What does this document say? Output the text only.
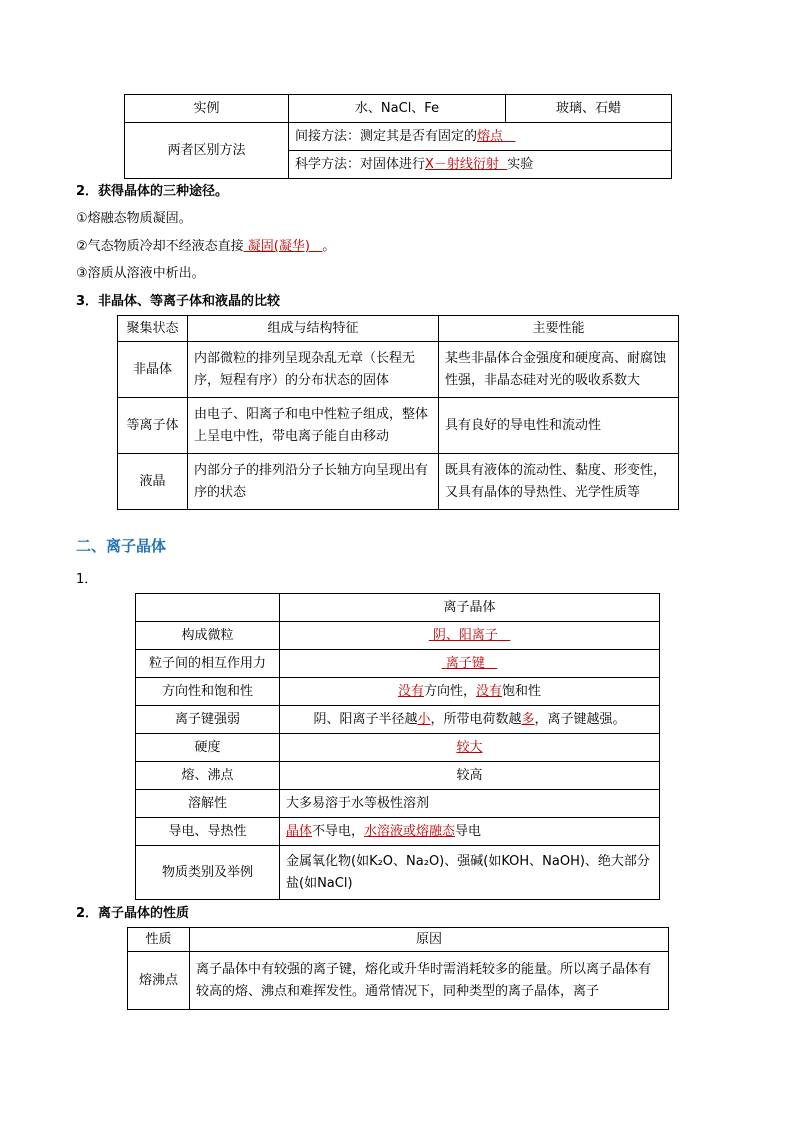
实例	水、NaCl、Fe	玻璃、石蜡
两者区别方法	间接方法：测定其是否有固定的熔点	
	科学方法：对固体进行X－射线衍射 实验	
2．获得晶体的三种途径。
①熔融态物质凝固。
②气态物质冷却不经液态直接 凝固(凝华) 。
③溶质从溶液中析出。
3．非晶体、等离子体和液晶的比较
聚集状态	组成与结构特征	主要性能
非晶体	内部微粒的排列呈现杂乱无章（长程无序，短程有序）的分布状态的固体	某些非晶体合金强度和硬度高、耐腐蚀性强，非晶态硅对光的吸收系数大
等离子体	由电子、阳离子和电中性粒子组成，整体上呈电中性，带电离子能自由移动	具有良好的导电性和流动性
液晶	内部分子的排列沿分子长轴方向呈现出有序的状态	既具有液体的流动性、黏度、形变性，又具有晶体的导热性、光学性质等
二、离子晶体
1．
	离子晶体
构成微粒	阴、阳离子
粒子间的相互作用力	离子键
方向性和饱和性	没有方向性，没有饱和性
离子键强弱	阴、阳离子半径越小，所带电荷数越多，离子键越强。
硬度	较大
熔、沸点	较高
溶解性	大多易溶于水等极性溶剂
导电、导热性	晶体不导电，水溶液或熔融态导电
物质类别及举例	金属氧化物(如K₂O、Na₂O)、强碱(如KOH、NaOH)、绝大部分盐(如NaCl)
2．离子晶体的性质
性质	原因
熔沸点	离子晶体中有较强的离子键，熔化或升华时需消耗较多的能量。所以离子晶体有较高的熔、沸点和难挥发性。通常情况下，同种类型的离子晶体，离子
